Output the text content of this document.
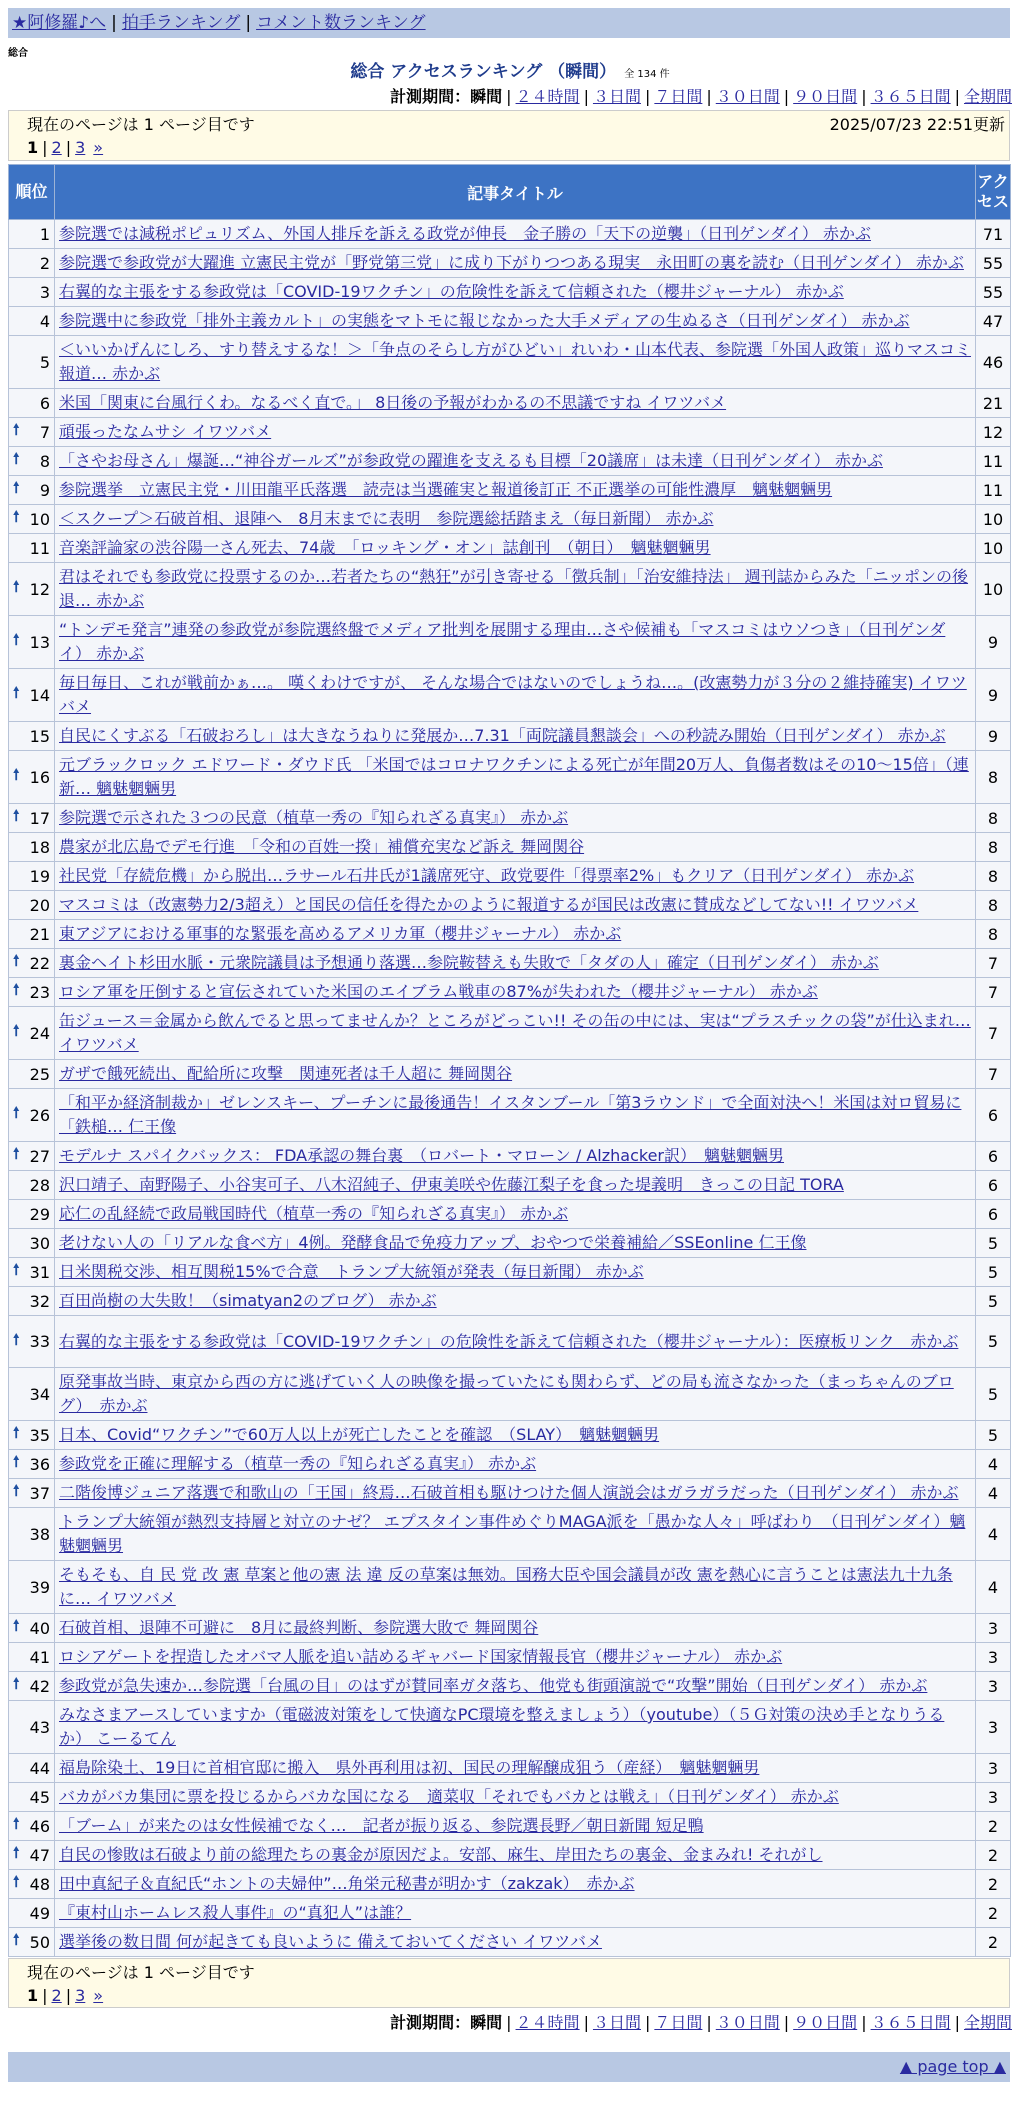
★阿修羅♪へ | 拍手ランキング | コメント数ランキング
総合
総合 アクセスランキング （瞬間） 全 134 件
計測期間：瞬間 | ２４時間 | ３日間 | ７日間 | ３０日間 | ９０日間 | ３６５日間 | 全期間
現在のページは 1 ページ目です	2025/07/23 22:51更新
1 | 2 | 3 »
順位	記事タイトル	アクセス
1	参院選では減税ポピュリズム、外国人排斥を訴える政党が伸長　金子勝の「天下の逆襲」（日刊ゲンダイ） 赤かぶ	71
2	参院選で参政党が大躍進 立憲民主党が「野党第三党」に成り下がりつつある現実　永田町の裏を読む（日刊ゲンダイ） 赤かぶ	55
3	右翼的な主張をする参政党は「COVID-19ワクチン」の危険性を訴えて信頼された（櫻井ジャーナル） 赤かぶ	55
4	参院選中に参政党「排外主義カルト」の実態をマトモに報じなかった大手メディアの生ぬるさ（日刊ゲンダイ） 赤かぶ	47
5	＜いいかげんにしろ、すり替えするな！＞「争点のそらし方がひどい」れいわ・山本代表、参院選「外国人政策」巡りマスコミ報道… 赤かぶ	46
6	米国「関東に台風行くわ。なるべく直で。」 8日後の予報がわかるの不思議ですね イワツバメ	21

🠕 7	頑張ったなムサシ イワツバメ	12

🠕 8	「さやお母さん」爆誕…“神谷ガールズ”が参政党の躍進を支えるも目標「20議席」は未達（日刊ゲンダイ） 赤かぶ	11

🠕 9	参院選挙　立憲民主党・川田龍平氏落選　読売は当選確実と報道後訂正 不正選挙の可能性濃厚　魑魅魍魎男	11

🠕 10	＜スクープ＞石破首相、退陣へ　8月末までに表明　参院選総括踏まえ（毎日新聞） 赤かぶ	10
11	音楽評論家の渋谷陽一さん死去、74歳　「ロッキング・オン」誌創刊　（朝日）　魑魅魍魎男	10

🠕 12	君はそれでも参政党に投票するのか…若者たちの“熱狂”が引き寄せる「徴兵制」「治安維持法」 週刊誌からみた「ニッポンの後退… 赤かぶ	10

🠕 13	“トンデモ発言”連発の参政党が参院選終盤でメディア批判を展開する理由…さや候補も「マスコミはウソつき」（日刊ゲンダイ） 赤かぶ	9

🠕 14	毎日毎日、これが戦前かぁ…。 嘆くわけですが、 そんな場合ではないのでしょうね…。(改憲勢力が３分の２維持確実) イワツバメ	9
15	自民にくすぶる「石破おろし」は大きなうねりに発展か…7.31「両院議員懇談会」への秒読み開始（日刊ゲンダイ） 赤かぶ	9

🠕 16	元ブラックロック エドワード・ダウド氏 「米国ではコロナワクチンによる死亡が年間20万人、負傷者数はその10〜15倍」（連新… 魑魅魍魎男	8

🠕 17	参院選で示された３つの民意（植草一秀の『知られざる真実』） 赤かぶ	8
18	農家が北広島でデモ行進　「令和の百姓一揆」補償充実など訴え 舞岡関谷	8
19	社民党「存続危機」から脱出…ラサール石井氏が1議席死守、政党要件「得票率2%」もクリア（日刊ゲンダイ） 赤かぶ	8
20	マスコミは（改憲勢力2/3超え）と国民の信任を得たかのように報道するが国民は改憲に賛成などしてない!! イワツバメ	8
21	東アジアにおける軍事的な緊張を高めるアメリカ軍（櫻井ジャーナル） 赤かぶ	8

🠕 22	裏金ヘイト杉田水脈・元衆院議員は予想通り落選…参院鞍替えも失敗で「タダの人」確定（日刊ゲンダイ） 赤かぶ	7

🠕 23	ロシア軍を圧倒すると宣伝されていた米国のエイブラム戦車の87%が失われた（櫻井ジャーナル） 赤かぶ	7

🠕 24	缶ジュース＝金属から飲んでると思ってませんか？ところがどっこい!! その缶の中には、実は“プラスチックの袋”が仕込まれ… イワツバメ	7
25	ガザで餓死続出、配給所に攻撃　関連死者は千人超に 舞岡関谷	7

🠕 26	「和平か経済制裁か」ゼレンスキー、プーチンに最後通告！イスタンブール「第3ラウンド」で全面対決へ！米国は対ロ貿易に「鉄槌… 仁王像	6

🠕 27	モデルナ スパイクバックス： FDA承認の舞台裏　（ロバート・マローン / Alzhacker訳）　魑魅魍魎男	6
28	沢口靖子、南野陽子、小谷実可子、八木沼純子、伊東美咲や佐藤江梨子を食った堤義明　きっこの日記 TORA	6
29	応仁の乱経続で政局戦国時代（植草一秀の『知られざる真実』） 赤かぶ	6
30	老けない人の「リアルな食べ方」4例。発酵食品で免疫力アップ、おやつで栄養補給／SSEonline 仁王像	5

🠕 31	日米関税交渉、相互関税15%で合意　トランプ大統領が発表（毎日新聞） 赤かぶ	5
32	百田尚樹の大失敗！（simatyan2のブログ） 赤かぶ	5

🠕 33	右翼的な主張をする参政党は「COVID-19ワクチン」の危険性を訴えて信頼された（櫻井ジャーナル）：医療板リンク　赤かぶ	5
34	原発事故当時、東京から西の方に逃げていく人の映像を撮っていたにも関わらず、どの局も流さなかった（まっちゃんのブログ）　赤かぶ	5

🠕 35	日本、Covid“ワクチン”で60万人以上が死亡したことを確認　（SLAY）　魑魅魍魎男	5

🠕 36	参政党を正確に理解する（植草一秀の『知られざる真実』） 赤かぶ	4

🠕 37	二階俊博ジュニア落選で和歌山の「王国」終焉…石破首相も駆けつけた個人演説会はガラガラだった（日刊ゲンダイ） 赤かぶ	4
38	トランプ大統領が熱烈支持層と対立のナゼ？ エプスタイン事件めぐりMAGA派を「愚かな人々」呼ばわり　（日刊ゲンダイ）魑魅魍魎男	4
39	そもそも、自 民 党 改 憲 草案と他の憲 法 違 反の草案は無効。国務大臣や国会議員が改 憲を熱心に言うことは憲法九十九条に… イワツバメ	4

🠕 40	石破首相、退陣不可避に　8月に最終判断、参院選大敗で 舞岡関谷	3
41	ロシアゲートを捏造したオバマ人脈を追い詰めるギャバード国家情報長官（櫻井ジャーナル） 赤かぶ	3

🠕 42	参政党が急失速か…参院選「台風の目」のはずが賛同率ガタ落ち、他党も街頭演説で“攻撃”開始（日刊ゲンダイ） 赤かぶ	3
43	みなさまアースしていますか（電磁波対策をして快適なPC環境を整えましょう）（youtube）（５Ｇ対策の決め手となりうるか） こーるてん	3
44	福島除染土、19日に首相官邸に搬入　県外再利用は初、国民の理解醸成狙う（産経）　魑魅魍魎男	3
45	バカがバカ集団に票を投じるからバカな国になる　適菜収「それでもバカとは戦え」（日刊ゲンダイ） 赤かぶ	3

🠕 46	「ブーム」が来たのは女性候補でなく…　記者が振り返る、参院選長野／朝日新聞 短足鴨	2

🠕 47	自民の惨敗は石破より前の総理たちの裏金が原因だよ。安部、麻生、岸田たちの裏金、金まみれ! それがし	2

🠕 48	田中真紀子＆直紀氏“ホントの夫婦仲”…角栄元秘書が明かす（zakzak）　赤かぶ	2
49	『東村山ホームレス殺人事件』の“真犯人”は誰？	2

🠕 50	選挙後の数日間 何が起きても良いように 備えておいてください イワツバメ	2
現在のページは 1 ページ目です
1 | 2 | 3 »
計測期間：瞬間 | ２４時間 | ３日間 | ７日間 | ３０日間 | ９０日間 | ３６５日間 | 全期間
▲ page top ▲
